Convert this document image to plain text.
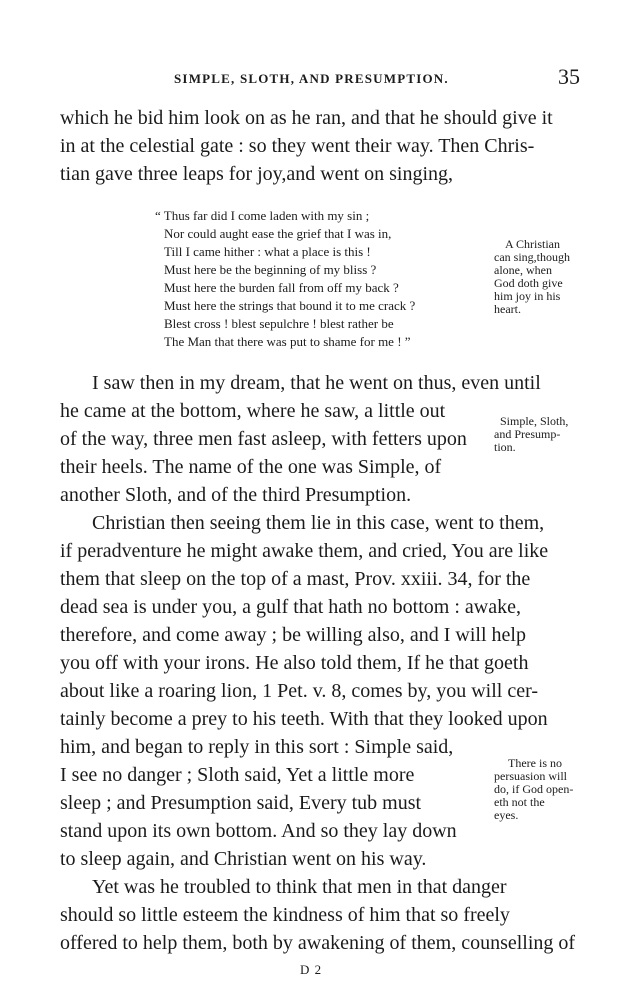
SIMPLE, SLOTH, AND PRESUMPTION.	35
which he bid him look on as he ran, and that he should give it
in at the celestial gate : so they went their way. Then Chris-
tian gave three leaps for joy,and went on singing,
“ Thus far did I come laden with my sin ;
Nor could aught ease the grief that I was in,
Till I came hither : what a place is this !
Must here be the beginning of my bliss ?
Must here the burden fall from off my back ?
Must here the strings that bound it to me crack ?
Blest cross ! blest sepulchre ! blest rather be
The Man that there was put to shame for me ! ”
A Christian
can sing,though
alone, when
God doth give
him joy in his
heart.
I saw then in my dream, that he went on thus, even until
he came at the bottom, where he saw, a little out
of the way, three men fast asleep, with fetters upon
their heels. The name of the one was Simple, of
another Sloth, and of the third Presumption.
Simple, Sloth,
and Presump-
tion.
Christian then seeing them lie in this case, went to them,
if peradventure he might awake them, and cried, You are like
them that sleep on the top of a mast, Prov. xxiii. 34, for the
dead sea is under you, a gulf that hath no bottom : awake,
therefore, and come away ; be willing also, and I will help
you off with your irons. He also told them, If he that goeth
about like a roaring lion, 1 Pet. v. 8, comes by, you will cer-
tainly become a prey to his teeth. With that they looked upon
him, and began to reply in this sort : Simple said,
I see no danger ; Sloth said, Yet a little more
sleep ; and Presumption said, Every tub must
stand upon its own bottom. And so they lay down
to sleep again, and Christian went on his way.
There is no
persuasion will
do, if God open-
eth not the
eyes.
Yet was he troubled to think that men in that danger
should so little esteem the kindness of him that so freely
offered to help them, both by awakening of them, counselling of
D 2
